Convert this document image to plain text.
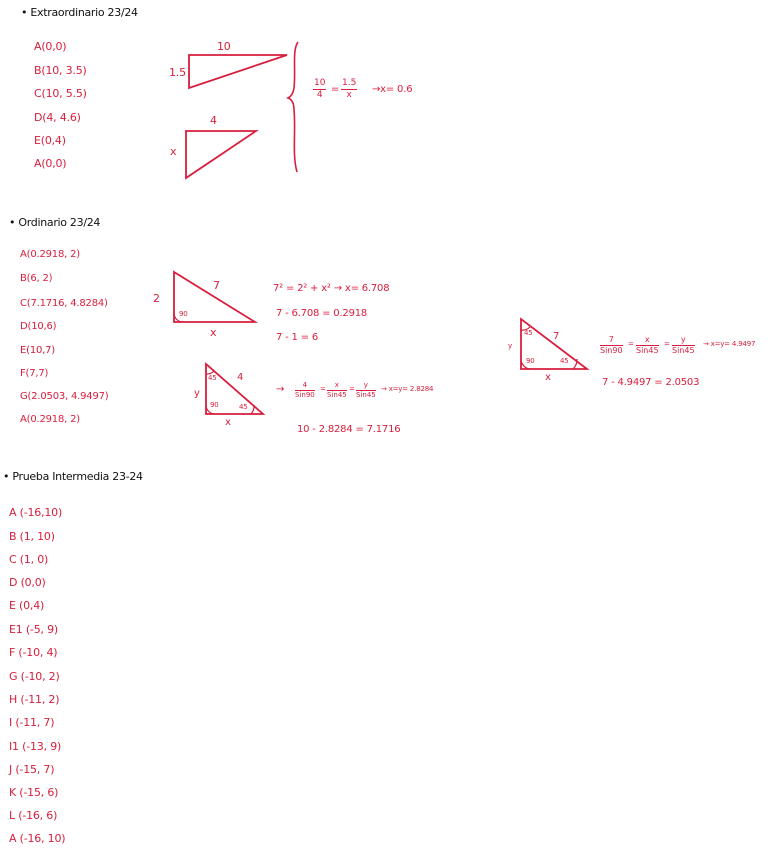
• Extraordinario 23/24
A(0,0)
B(10, 3.5)
C(10, 5.5)
D(4, 4.6)
E(0,4)
A(0,0)
10
1.5
4
x
$\frac{10}{4} = \frac{1.5}{x} \to x= 0.6$
• Ordinario 23/24
A(0.2918, 2)
B(6, 2)
C(7.1716, 4.8284)
D(10,6)
E(10,7)
F(7,7)
G(2.0503, 4.9497)
A(0.2918, 2)
2
7
90
x
7² = 2² + x² → x= 6.708
7 - 6.708 = 0.2918
7 - 1 = 6
y
4
45
45
90
x
→	4
Sin90
=	x
Sin45
=	y
Sin45
→ x=y= 2.8284
10 - 2.8284 = 7.1716
y
7
45
45
90
x
7
Sin90
=	x
Sin45
=	y
Sin45
→ x=y= 4.9497
7 - 4.9497 = 2.0503
• Prueba Intermedia 23-24
A (-16,10)
B (1, 10)
C (1, 0)
D (0,0)
E (0,4)
E1 (-5, 9)
F (-10, 4)
G (-10, 2)
H (-11, 2)
I (-11, 7)
I1 (-13, 9)
J (-15, 7)
K (-15, 6)
L (-16, 6)
A (-16, 10)
